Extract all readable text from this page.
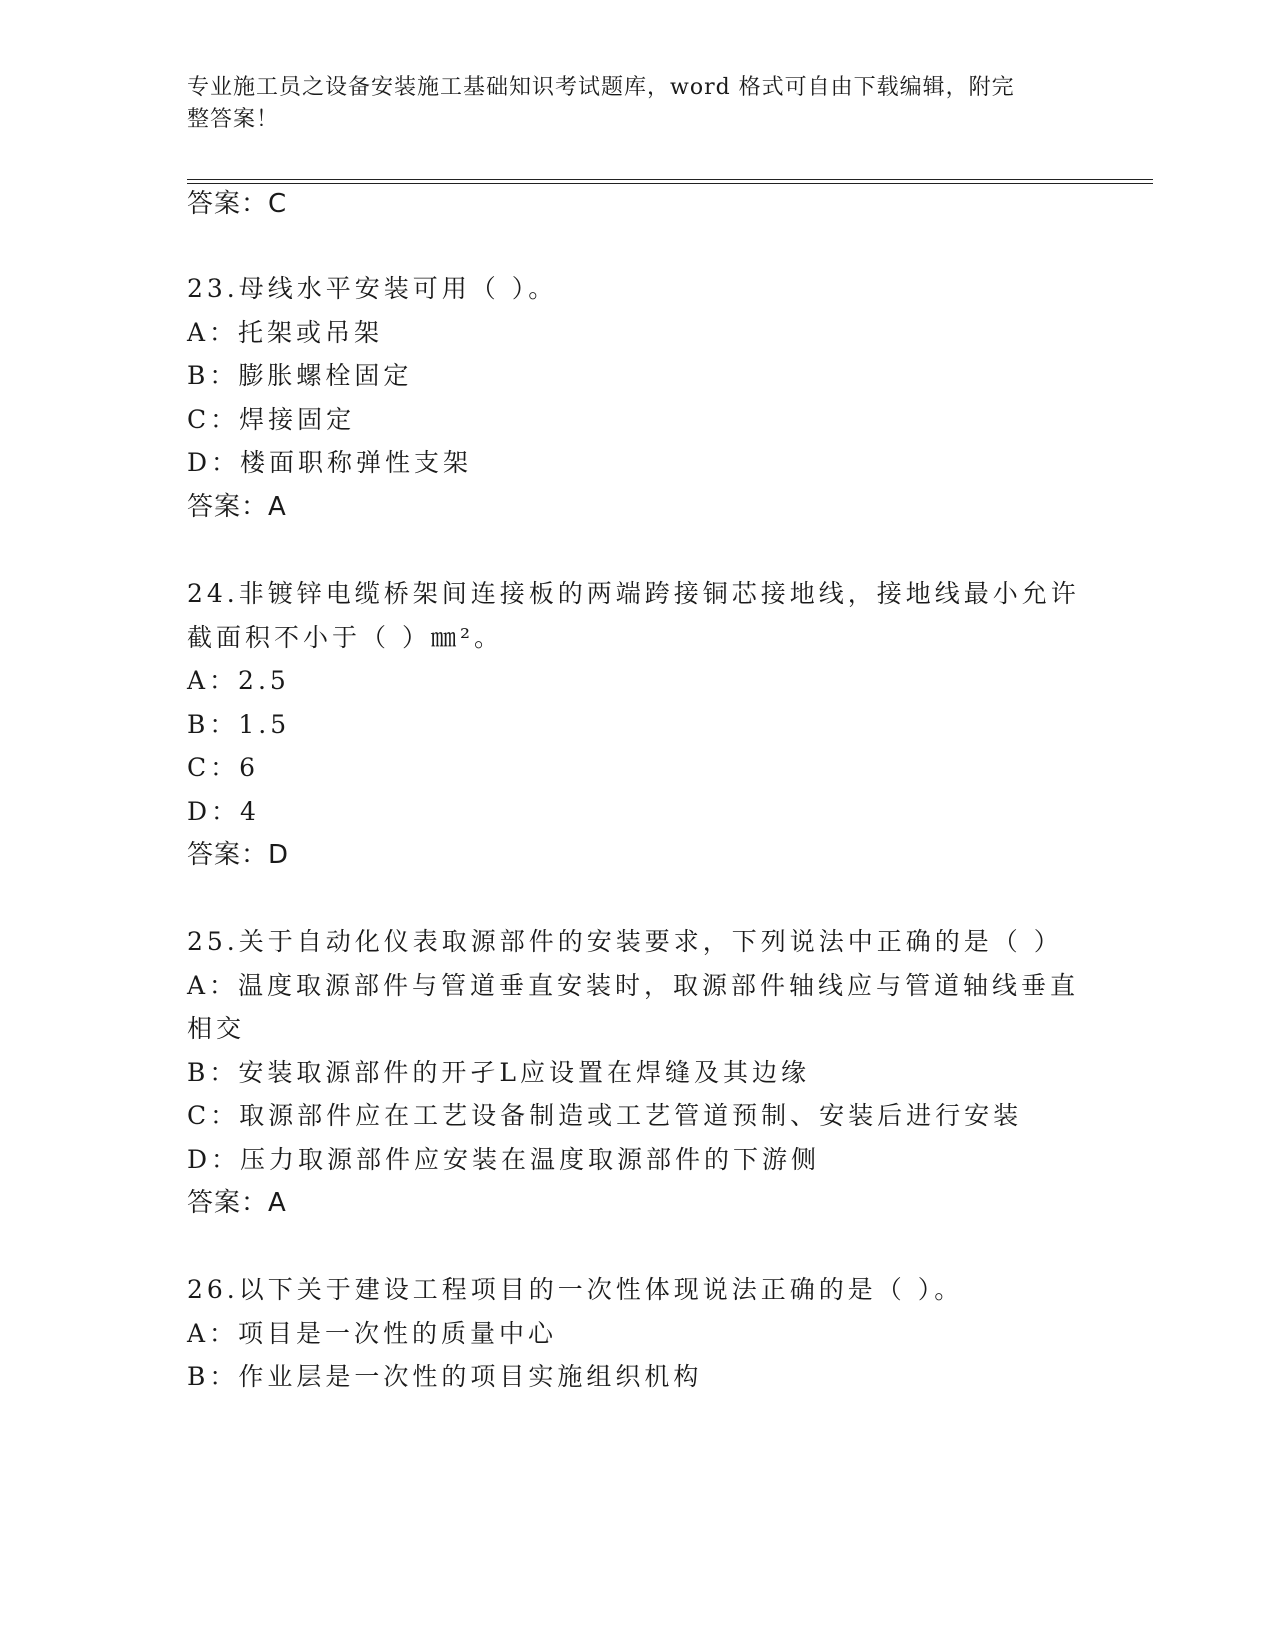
专业施工员之设备安装施工基础知识考试题库，word 格式可自由下载编辑，附完
整答案！
答案：C
23.母线水平安装可用（ ）。
A：托架或吊架
B：膨胀螺栓固定
C：焊接固定
D：楼面职称弹性支架
答案：A
24.非镀锌电缆桥架间连接板的两端跨接铜芯接地线，接地线最小允许
截面积不小于（ ）㎜²。
A：2.5
B：1.5
C：6
D：4
答案：D
25.关于自动化仪表取源部件的安装要求，下列说法中正确的是（ ）
A：温度取源部件与管道垂直安装时，取源部件轴线应与管道轴线垂直
相交
B：安装取源部件的开孑L应设置在焊缝及其边缘
C：取源部件应在工艺设备制造或工艺管道预制、安装后进行安装
D：压力取源部件应安装在温度取源部件的下游侧
答案：A
26.以下关于建设工程项目的一次性体现说法正确的是（ ）。
A：项目是一次性的质量中心
B：作业层是一次性的项目实施组织机构
